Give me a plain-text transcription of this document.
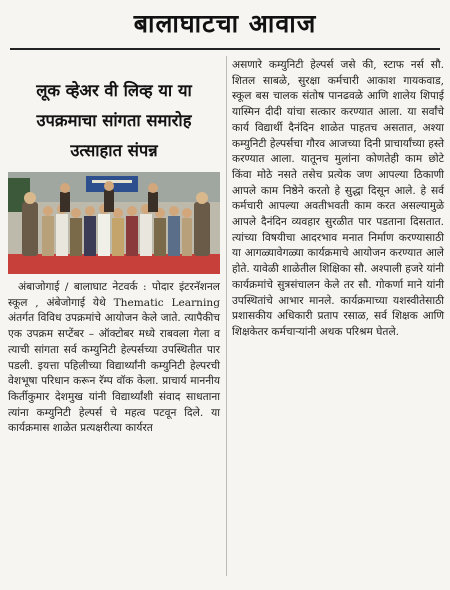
बालाघाटचा आवाज
लूक व्हेअर वी लिव्ह या या उपक्रमाचा सांगता समारोह उत्साहात संपन्न

अंबाजोगाई / बालाघाट नेटवर्क : पोदार इंटरनॅशनल स्कूल , अंबेजोगाई येथे Thematic Learning अंतर्गत विविध उपक्रमांचे आयोजन केले जाते. त्यापैकीच एक उपक्रम सप्टेंबर – ऑक्टोबर मध्ये राबवला गेला व त्याची सांगता सर्व कम्युनिटी हेल्पर्सच्या उपस्थितीत पार पडली. इयत्ता पहिलीच्या विद्यार्थ्यांनी कम्युनिटी हेल्परची वेशभूषा परिधान करून रॅम्प वॉक केला. प्राचार्य माननीय किर्तीकुमार देशमुख यांनी विद्यार्थ्यांशी संवाद साधताना त्यांना कम्युनिटी हेल्पर्स चे महत्व पटवून दिले. या कार्यक्रमास शाळेत प्रत्यक्षरीत्या कार्यरत

असणारे कम्युनिटी हेल्पर्स जसे की, स्टाफ नर्स सौ. शितल साबळे, सुरक्षा कर्मचारी आकाश गायकवाड, स्कूल बस चालक संतोष पानढवळे आणि शालेय शिपाई यास्मिन दीदी यांचा सत्कार करण्यात आला. या सर्वांचे कार्य विद्यार्थी दैनंदिन शाळेत पाहतच असतात, अश्या कम्युनिटी हेल्पर्सचा गौरव आजच्या दिनी प्राचार्यांच्या हस्ते करण्यात आला. यातूनच मुलांना कोणतेही काम छोटे किंवा मोठे नसते तसेच प्रत्येक जण आपल्या ठिकाणी आपले काम निष्ठेने करतो हे सुद्धा दिसून आले. हे सर्व कर्मचारी आपल्या अवतीभवती काम करत असल्यामुळे आपले दैनंदिन व्यवहार सुरळीत पार पडताना दिसतात. त्यांच्या विषयीचा आदरभाव मनात निर्माण करण्यासाठी या आगळ्यावेगळ्या कार्यक्रमाचे आयोजन करण्यात आले होते. यावेळी शाळेतील शिक्षिका सौ. अश्पाली हजरे यांनी कार्यक्रमांचे सुत्रसंचालन केले तर सौ. गोकर्णा माने यांनी उपस्थितांचे आभार मानले. कार्यक्रमाच्या यशस्वीतेसाठी प्रशासकीय अधिकारी प्रताप रसाळ, सर्व शिक्षक आणि शिक्षकेतर कर्मचाऱ्यांनी अथक परिश्रम घेतले.
